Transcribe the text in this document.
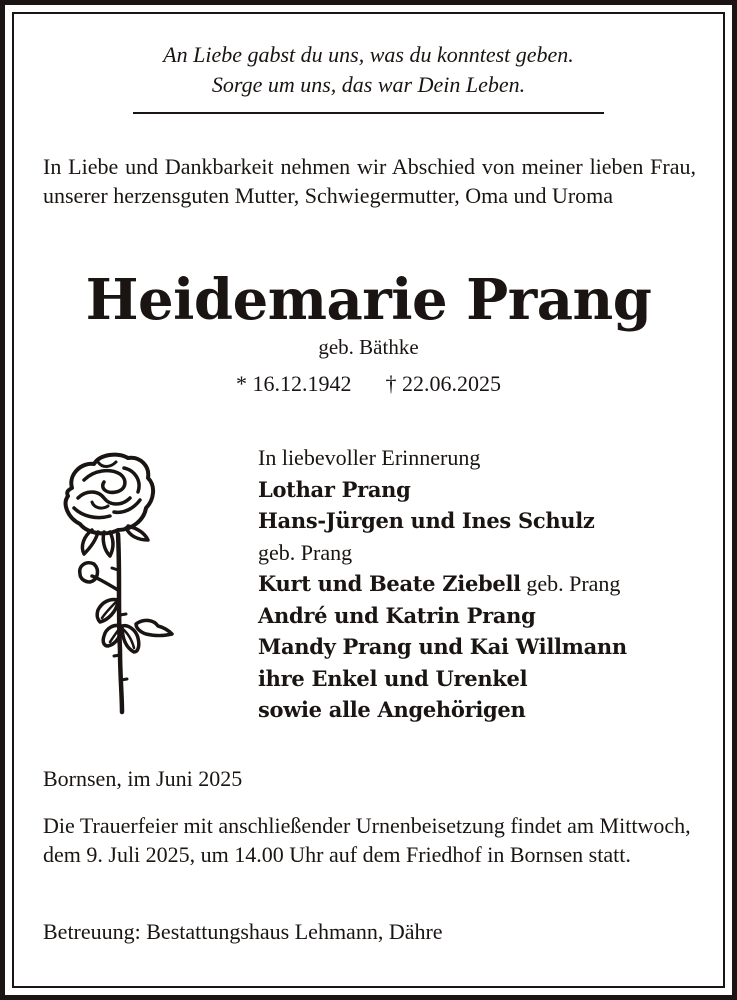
An Liebe gabst du uns, was du konntest geben.
Sorge um uns, das war Dein Leben.
In Liebe und Dankbarkeit nehmen wir Abschied von meiner lieben Frau, unserer herzensguten Mutter, Schwiegermutter, Oma und Uroma
Heidemarie Prang
geb. Bäthke
* 16.12.1942 † 22.06.2025
In liebevoller Erinnerung
Lothar Prang
Hans-Jürgen und Ines Schulz
geb. Prang
Kurt und Beate Ziebell geb. Prang
André und Katrin Prang
Mandy Prang und Kai Willmann
ihre Enkel und Urenkel
sowie alle Angehörigen
Bornsen, im Juni 2025
Die Trauerfeier mit anschließender Urnenbeisetzung findet am Mittwoch, dem 9. Juli 2025, um 14.00 Uhr auf dem Friedhof in Bornsen statt.
Betreuung: Bestattungshaus Lehmann, Dähre
